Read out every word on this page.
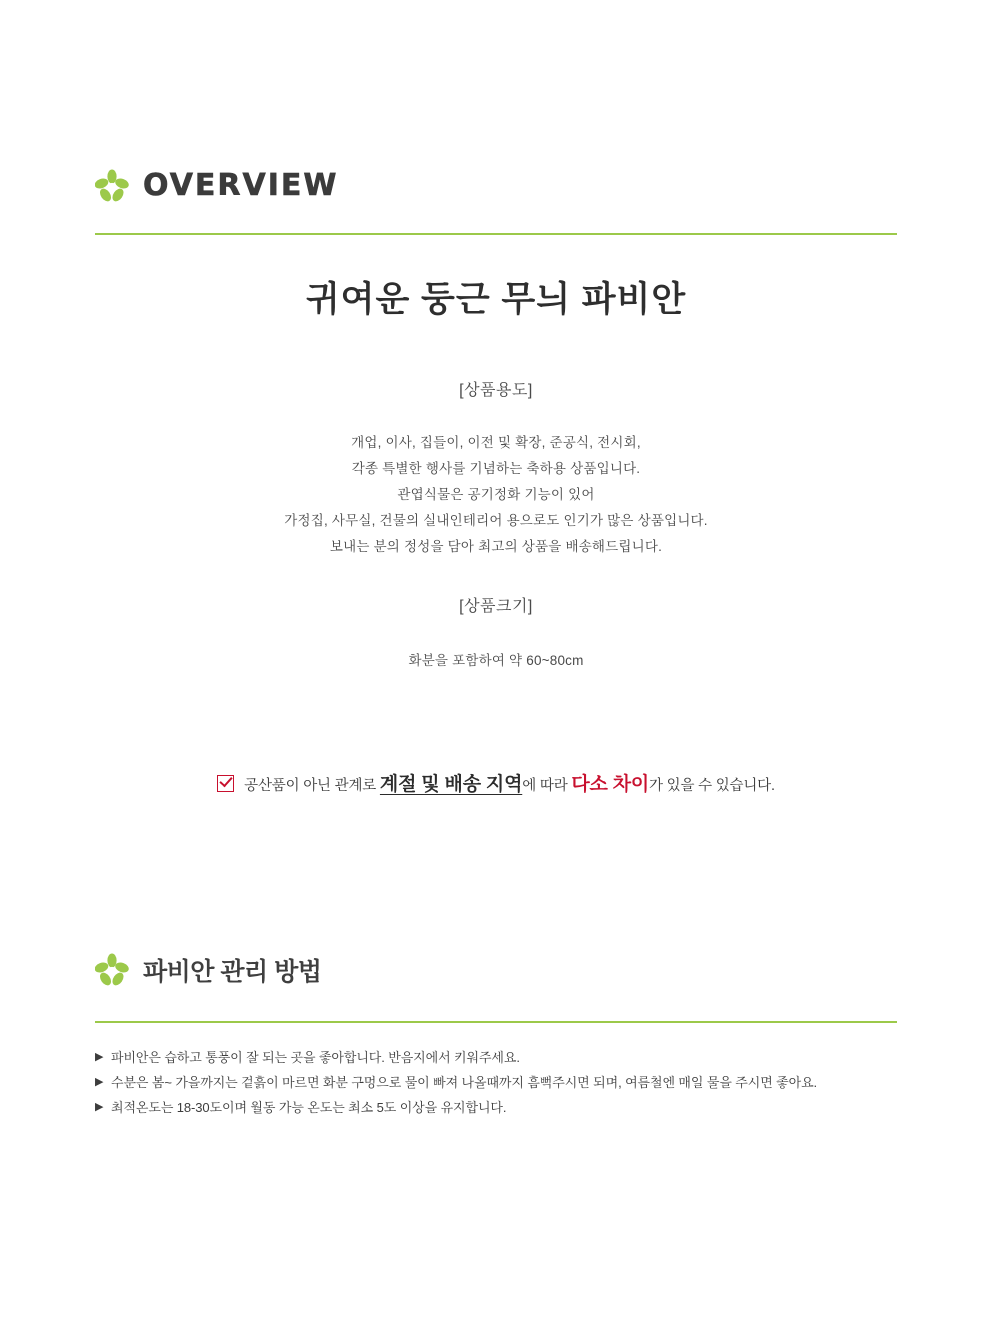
OVERVIEW
귀여운 둥근 무늬 파비안
[상품용도]
개업, 이사, 집들이, 이전 및 확장, 준공식, 전시회,
각종 특별한 행사를 기념하는 축하용 상품입니다.
관엽식물은 공기정화 기능이 있어
가정집, 사무실, 건물의 실내인테리어 용으로도 인기가 많은 상품입니다.
보내는 분의 정성을 담아 최고의 상품을 배송해드립니다.
[상품크기]
화분을 포함하여 약 60~80cm
공산품이 아닌 관계로 계절 및 배송 지역에 따라 다소 차이가 있을 수 있습니다.
파비안 관리 방법
▶ 파비안은 습하고 통풍이 잘 되는 곳을 좋아합니다. 반음지에서 키워주세요.
▶ 수분은 봄~ 가을까지는 겉흙이 마르면 화분 구멍으로 물이 빠져 나올때까지 흠뻑주시면 되며, 여름철엔 매일 물을 주시면 좋아요.
▶ 최적온도는 18-30도이며 월동 가능 온도는 최소 5도 이상을 유지합니다.
